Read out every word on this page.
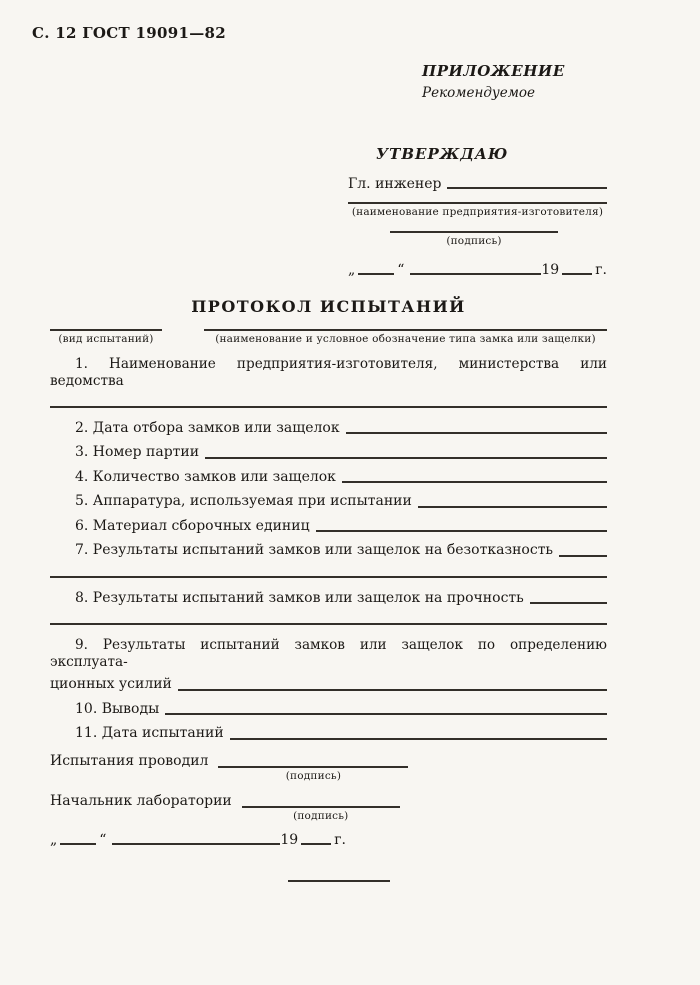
С. 12 ГОСТ 19091—82
ПРИЛОЖЕНИЕ
Рекомендуемое
УТВЕРЖДАЮ
Гл. инженер
(наименование предприятия-изготовителя)
(подпись)
„	“	19	г.
ПРОТОКОЛ ИСПЫТАНИЙ
(вид испытаний)	(наименование и условное обозначение типа замка или защелки)
1. Наименование предприятия-изготовителя, министерства или ведомства
2. Дата отбора замков или защелок
3. Номер партии
4. Количество замков или защелок
5. Аппаратура, используемая при испытании
6. Материал сборочных единиц
7. Результаты испытаний замков или защелок на безотказность
8. Результаты испытаний замков или защелок на прочность
9. Результаты испытаний замков или защелок по определению эксплуата-
ционных усилий
10. Выводы
11. Дата испытаний
Испытания проводил
(подпись)
Начальник лаборатории
(подпись)
„	“	19	г.
